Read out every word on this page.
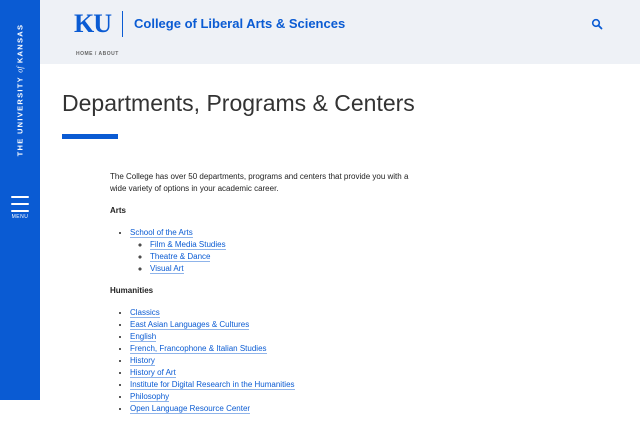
THE UNIVERSITY of KANSAS
MENU
KU College of Liberal Arts & Sciences
HOME / ABOUT
Departments, Programs & Centers

The College has over 50 departments, programs and centers that provide you with a wide variety of options in your academic career.

Arts
• School of the Arts
◦ Film & Media Studies
◦ Theatre & Dance
◦ Visual Art
Humanities
• Classics
• East Asian Languages & Cultures
• English
• French, Francophone & Italian Studies
• History
• History of Art
• Institute for Digital Research in the Humanities
• Philosophy
• Open Language Resource Center
